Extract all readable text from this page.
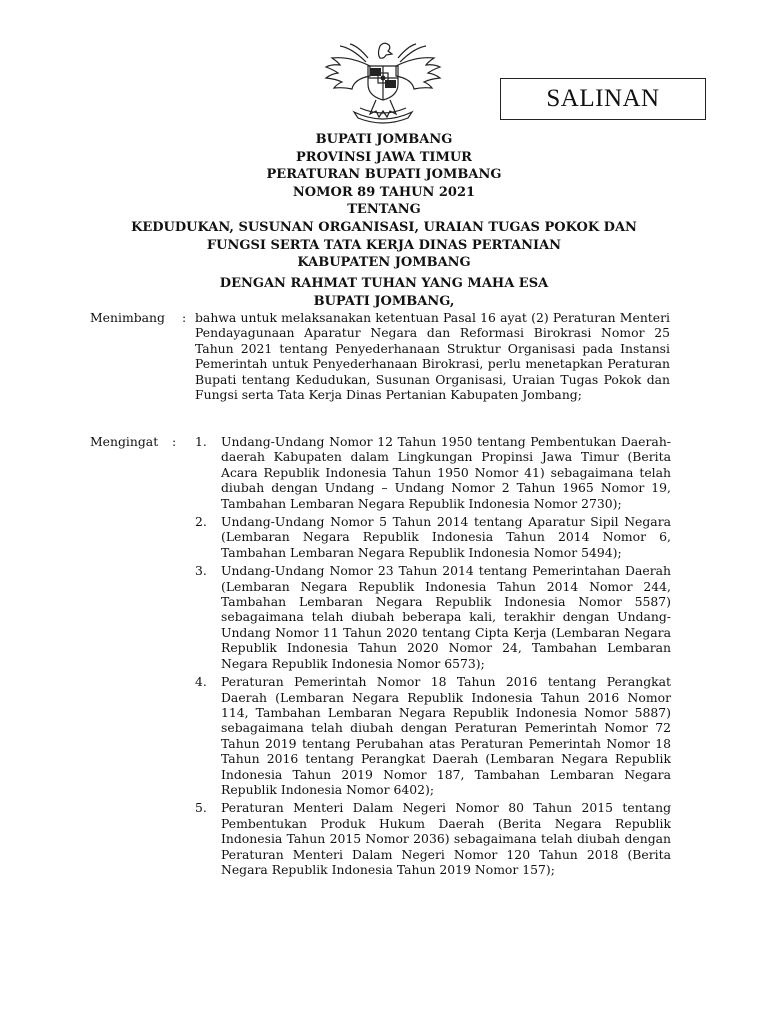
SALINAN
BUPATI JOMBANG
PROVINSI JAWA TIMUR
PERATURAN BUPATI JOMBANG
NOMOR 89 TAHUN 2021
TENTANG
KEDUDUKAN, SUSUNAN ORGANISASI, URAIAN TUGAS POKOK DAN
FUNGSI SERTA TATA KERJA DINAS PERTANIAN
KABUPATEN JOMBANG
DENGAN RAHMAT TUHAN YANG MAHA ESA
BUPATI JOMBANG,
Menimbang : bahwa untuk melaksanakan ketentuan Pasal 16 ayat (2) Peraturan Menteri Pendayagunaan Aparatur Negara dan Reformasi Birokrasi Nomor 25 Tahun 2021 tentang Penyederhanaan Struktur Organisasi pada Instansi Pemerintah untuk Penyederhanaan Birokrasi, perlu menetapkan Peraturan Bupati tentang Kedudukan, Susunan Organisasi, Uraian Tugas Pokok dan Fungsi serta Tata Kerja Dinas Pertanian Kabupaten Jombang;
Mengingat : 1. Undang-Undang Nomor 12 Tahun 1950 tentang Pembentukan Daerah-daerah Kabupaten dalam Lingkungan Propinsi Jawa Timur (Berita Acara Republik Indonesia Tahun 1950 Nomor 41) sebagaimana telah diubah dengan Undang – Undang Nomor 2 Tahun 1965 Nomor 19, Tambahan Lembaran Negara Republik Indonesia Nomor 2730);
2. Undang-Undang Nomor 5 Tahun 2014 tentang Aparatur Sipil Negara (Lembaran Negara Republik Indonesia Tahun 2014 Nomor 6, Tambahan Lembaran Negara Republik Indonesia Nomor 5494);
3. Undang-Undang Nomor 23 Tahun 2014 tentang Pemerintahan Daerah (Lembaran Negara Republik Indonesia Tahun 2014 Nomor 244, Tambahan Lembaran Negara Republik Indonesia Nomor 5587) sebagaimana telah diubah beberapa kali, terakhir dengan Undang-Undang Nomor 11 Tahun 2020 tentang Cipta Kerja (Lembaran Negara Republik Indonesia Tahun 2020 Nomor 24, Tambahan Lembaran Negara Republik Indonesia Nomor 6573);
4. Peraturan Pemerintah Nomor 18 Tahun 2016 tentang Perangkat Daerah (Lembaran Negara Republik Indonesia Tahun 2016 Nomor 114, Tambahan Lembaran Negara Republik Indonesia Nomor 5887) sebagaimana telah diubah dengan Peraturan Pemerintah Nomor 72 Tahun 2019 tentang Perubahan atas Peraturan Pemerintah Nomor 18 Tahun 2016 tentang Perangkat Daerah (Lembaran Negara Republik Indonesia Tahun 2019 Nomor 187, Tambahan Lembaran Negara Republik Indonesia Nomor 6402);
5. Peraturan Menteri Dalam Negeri Nomor 80 Tahun 2015 tentang Pembentukan Produk Hukum Daerah (Berita Negara Republik Indonesia Tahun 2015 Nomor 2036) sebagaimana telah diubah dengan Peraturan Menteri Dalam Negeri Nomor 120 Tahun 2018 (Berita Negara Republik Indonesia Tahun 2019 Nomor 157);
